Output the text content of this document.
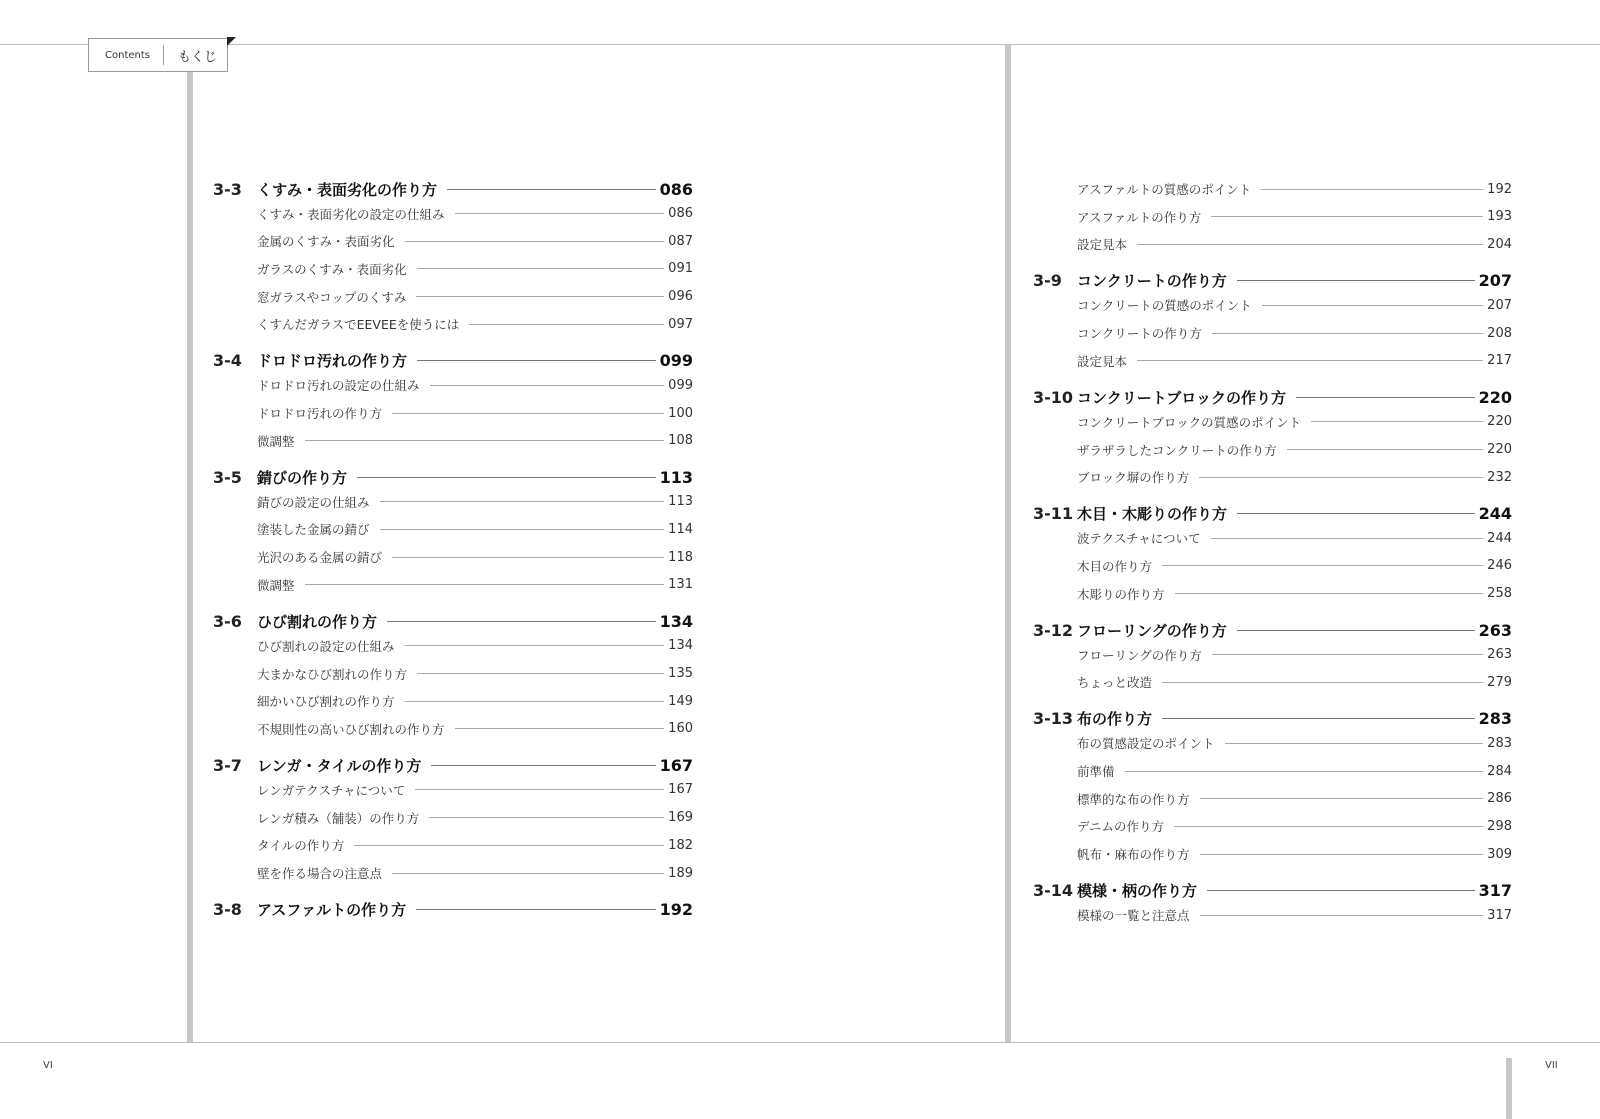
Contents	もくじ
3-3	くすみ・表面劣化の作り方	086
くすみ・表面劣化の設定の仕組み	086
金属のくすみ・表面劣化	087
ガラスのくすみ・表面劣化	091
窓ガラスやコップのくすみ	096
くすんだガラスでEEVEEを使うには	097
3-4	ドロドロ汚れの作り方	099
ドロドロ汚れの設定の仕組み	099
ドロドロ汚れの作り方	100
微調整	108
3-5	錆びの作り方	113
錆びの設定の仕組み	113
塗装した金属の錆び	114
光沢のある金属の錆び	118
微調整	131
3-6	ひび割れの作り方	134
ひび割れの設定の仕組み	134
大まかなひび割れの作り方	135
細かいひび割れの作り方	149
不規則性の高いひび割れの作り方	160
3-7	レンガ・タイルの作り方	167
レンガテクスチャについて	167
レンガ積み（舗装）の作り方	169
タイルの作り方	182
壁を作る場合の注意点	189
3-8	アスファルトの作り方	192
アスファルトの質感のポイント	192
アスファルトの作り方	193
設定見本	204
3-9	コンクリートの作り方	207
コンクリートの質感のポイント	207
コンクリートの作り方	208
設定見本	217
3-10 コンクリートブロックの作り方	220
コンクリートブロックの質感のポイント	220
ザラザラしたコンクリートの作り方	220
ブロック塀の作り方	232
3-11 木目・木彫りの作り方	244
波テクスチャについて	244
木目の作り方	246
木彫りの作り方	258
3-12 フローリングの作り方	263
フローリングの作り方	263
ちょっと改造	279
3-13 布の作り方	283
布の質感設定のポイント	283
前準備	284
標準的な布の作り方	286
デニムの作り方	298
帆布・麻布の作り方	309
3-14 模様・柄の作り方	317
模様の一覧と注意点	317
VI	VII
